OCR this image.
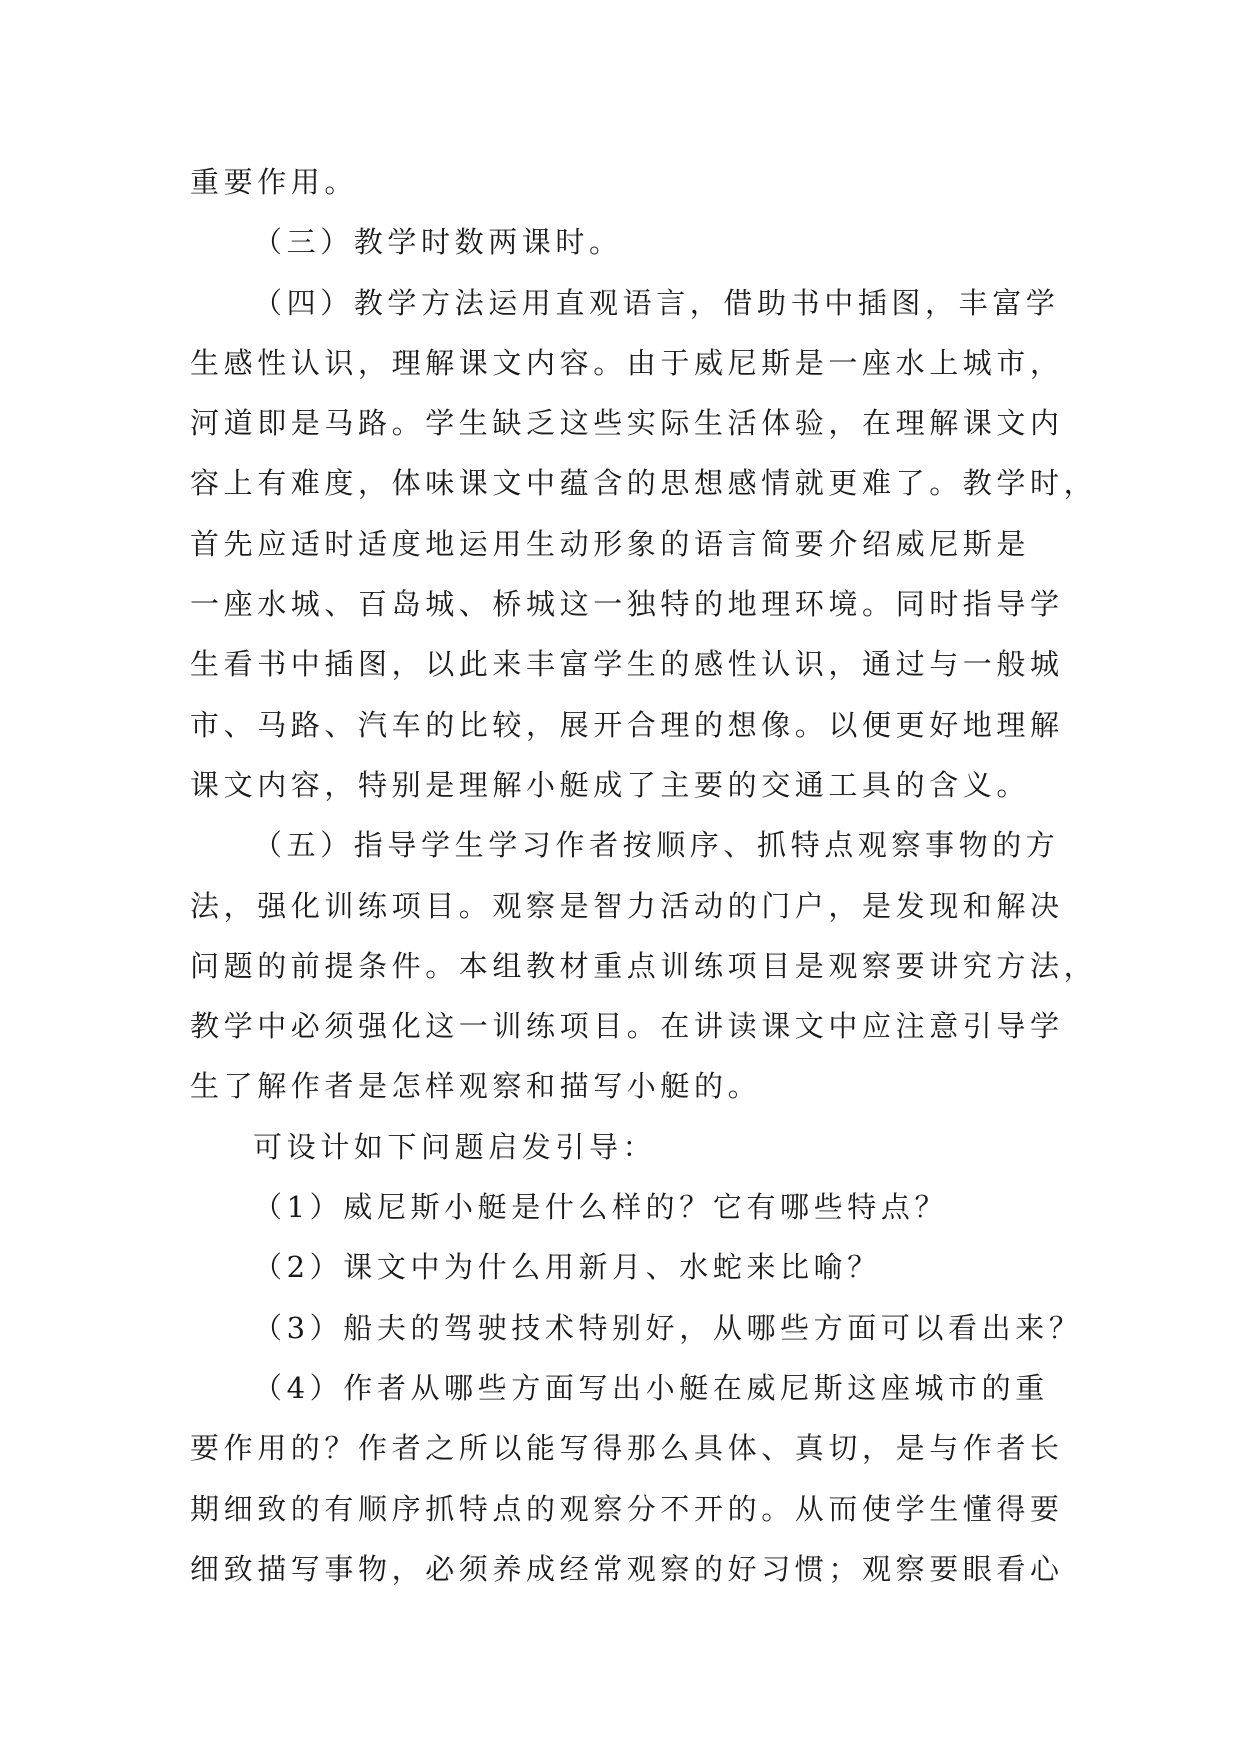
重要作用。
（三）教学时数两课时。
（四）教学方法运用直观语言，借助书中插图，丰富学
生感性认识，理解课文内容。由于威尼斯是一座水上城市，
河道即是马路。学生缺乏这些实际生活体验，在理解课文内
容上有难度，体味课文中蕴含的思想感情就更难了。教学时，
首先应适时适度地运用生动形象的语言简要介绍威尼斯是
一座水城、百岛城、桥城这一独特的地理环境。同时指导学
生看书中插图，以此来丰富学生的感性认识，通过与一般城
市、马路、汽车的比较，展开合理的想像。以便更好地理解
课文内容，特别是理解小艇成了主要的交通工具的含义。
（五）指导学生学习作者按顺序、抓特点观察事物的方
法，强化训练项目。观察是智力活动的门户，是发现和解决
问题的前提条件。本组教材重点训练项目是观察要讲究方法，
教学中必须强化这一训练项目。在讲读课文中应注意引导学
生了解作者是怎样观察和描写小艇的。
可设计如下问题启发引导：
（1）威尼斯小艇是什么样的？它有哪些特点？
（2）课文中为什么用新月、水蛇来比喻？
（3）船夫的驾驶技术特别好，从哪些方面可以看出来？
（4）作者从哪些方面写出小艇在威尼斯这座城市的重
要作用的？作者之所以能写得那么具体、真切，是与作者长
期细致的有顺序抓特点的观察分不开的。从而使学生懂得要
细致描写事物，必须养成经常观察的好习惯；观察要眼看心
